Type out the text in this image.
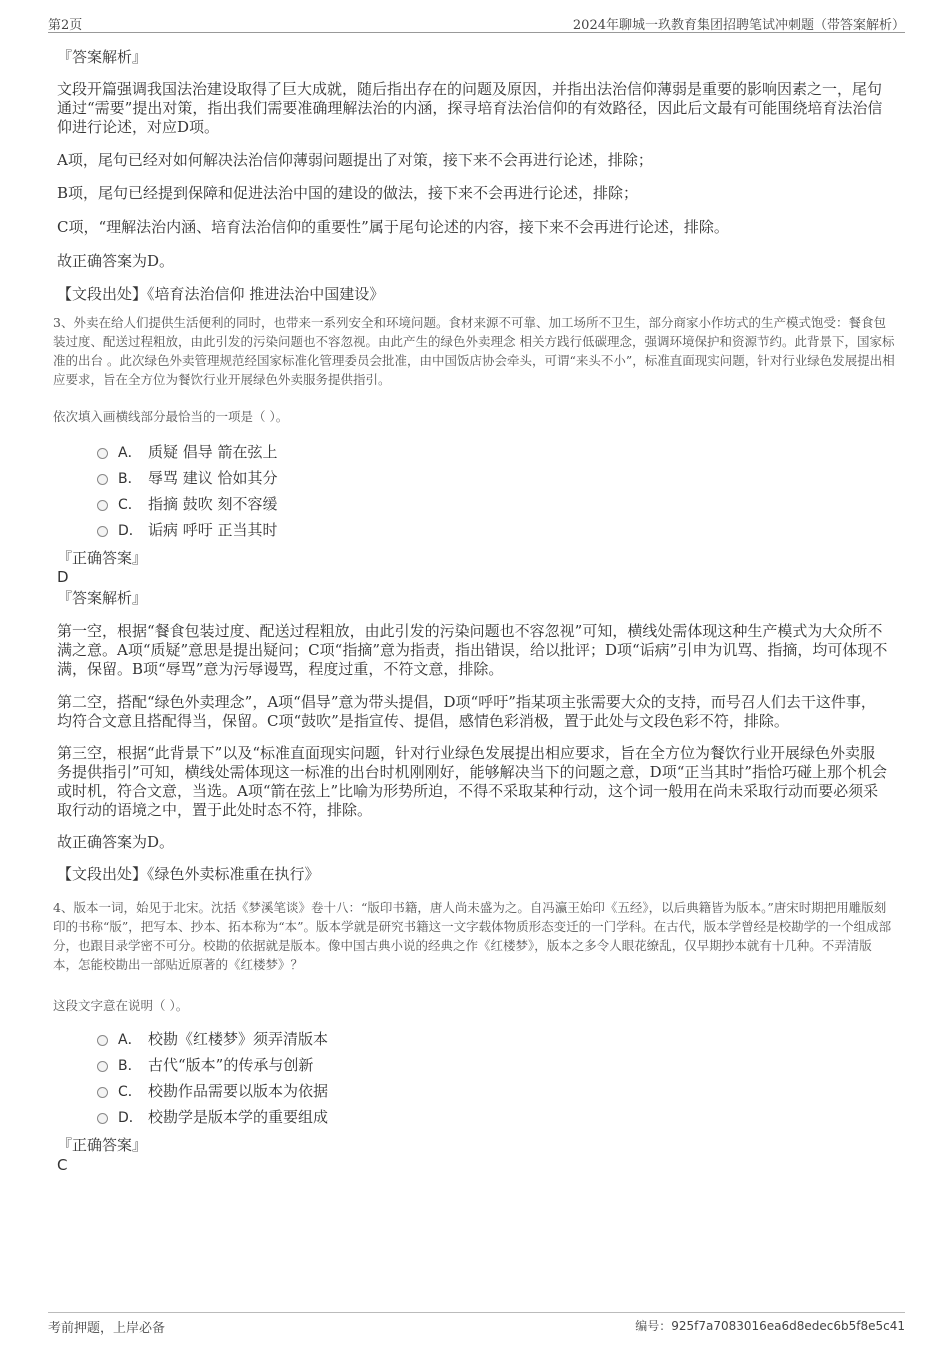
第2页	2024年聊城一玖教育集团招聘笔试冲刺题（带答案解析）
『答案解析』

文段开篇强调我国法治建设取得了巨大成就，随后指出存在的问题及原因，并指出法治信仰薄弱是重要的影响因素之一，尾句通过“需要”提出对策，指出我们需要准确理解法治的内涵，探寻培育法治信仰的有效路径，因此后文最有可能围绕培育法治信仰进行论述，对应D项。

A项，尾句已经对如何解决法治信仰薄弱问题提出了对策，接下来不会再进行论述，排除；

B项，尾句已经提到保障和促进法治中国的建设的做法，接下来不会再进行论述，排除；

C项，“理解法治内涵、培育法治信仰的重要性”属于尾句论述的内容，接下来不会再进行论述，排除。

故正确答案为D。

【文段出处】《培育法治信仰 推进法治中国建设》

3、外卖在给人们提供生活便利的同时，也带来一系列安全和环境问题。食材来源不可靠、加工场所不卫生，部分商家小作坊式的生产模式饱受：餐食包装过度、配送过程粗放，由此引发的污染问题也不容忽视。由此产生的绿色外卖理念 相关方践行低碳理念，强调环境保护和资源节约。此背景下，国家标准的出台 。此次绿色外卖管理规范经国家标准化管理委员会批准，由中国饭店协会牵头，可谓“来头不小”，标准直面现实问题，针对行业绿色发展提出相应要求，旨在全方位为餐饮行业开展绿色外卖服务提供指引。

依次填入画横线部分最恰当的一项是（ ）。

A． 质疑 倡导 箭在弦上
B． 辱骂 建议 恰如其分
C． 指摘 鼓吹 刻不容缓
D． 诟病 呼吁 正当其时
『正确答案』
D
『答案解析』

第一空，根据“餐食包装过度、配送过程粗放，由此引发的污染问题也不容忽视”可知，横线处需体现这种生产模式为大众所不满之意。A项“质疑”意思是提出疑问；C项“指摘”意为指责，指出错误，给以批评；D项“诟病”引申为讥骂、指摘，均可体现不满，保留。B项“辱骂”意为污辱谩骂，程度过重，不符文意，排除。

第二空，搭配“绿色外卖理念”，A项“倡导”意为带头提倡，D项“呼吁”指某项主张需要大众的支持，而号召人们去干这件事，均符合文意且搭配得当，保留。C项“鼓吹”是指宣传、提倡，感情色彩消极，置于此处与文段色彩不符，排除。

第三空，根据“此背景下”以及“标准直面现实问题，针对行业绿色发展提出相应要求，旨在全方位为餐饮行业开展绿色外卖服务提供指引”可知，横线处需体现这一标准的出台时机刚刚好，能够解决当下的问题之意，D项“正当其时”指恰巧碰上那个机会或时机，符合文意，当选。A项“箭在弦上”比喻为形势所迫，不得不采取某种行动，这个词一般用在尚未采取行动而要必须采取行动的语境之中，置于此处时态不符，排除。

故正确答案为D。

【文段出处】《绿色外卖标准重在执行》

4、版本一词，始见于北宋。沈括《梦溪笔谈》卷十八：“版印书籍，唐人尚未盛为之。自冯瀛王始印《五经》，以后典籍皆为版本。”唐宋时期把用雕版刻印的书称“版”，把写本、抄本、拓本称为“本”。版本学就是研究书籍这一文字载体物质形态变迁的一门学科。在古代，版本学曾经是校勘学的一个组成部分，也跟目录学密不可分。校勘的依据就是版本。像中国古典小说的经典之作《红楼梦》，版本之多令人眼花缭乱，仅早期抄本就有十几种。不弄清版本，怎能校勘出一部贴近原著的《红楼梦》？

这段文字意在说明（ ）。

A． 校勘《红楼梦》须弄清版本
B． 古代“版本”的传承与创新
C． 校勘作品需要以版本为依据
D． 校勘学是版本学的重要组成
『正确答案』
C
考前押题，上岸必备	编号：925f7a7083016ea6d8edec6b5f8e5c41
